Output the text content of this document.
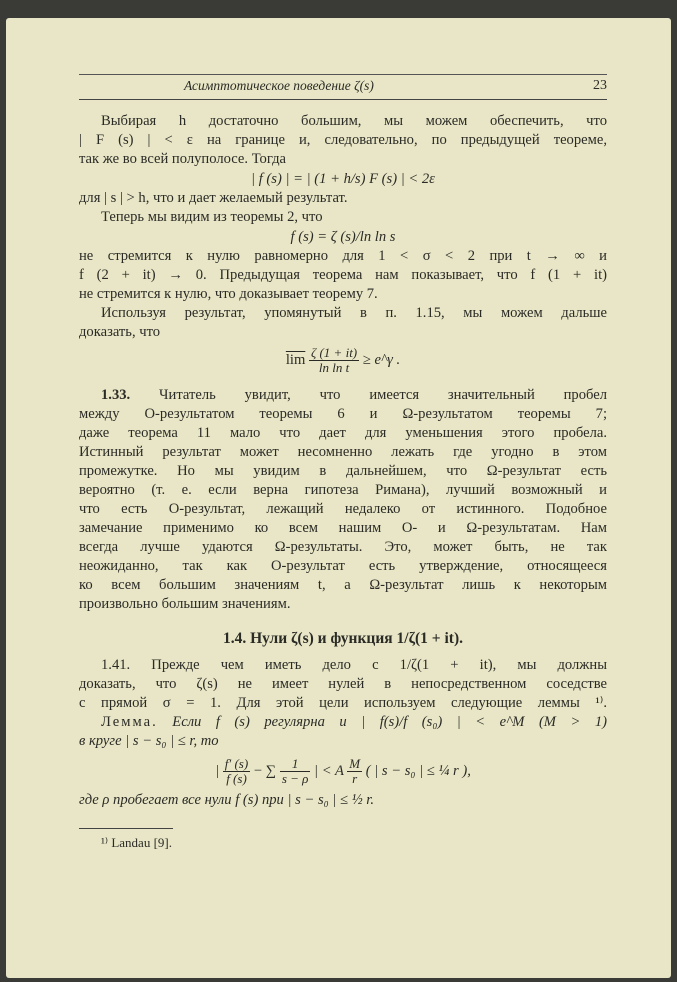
Асимптотическое поведение ζ(s)	23
Выбирая h достаточно большим, мы можем обеспечить, что
| F (s) | < ε на границе и, следовательно, по предыдущей теореме,
так же во всей полуполосе. Тогда
| f (s) | = | (1 + h/s) F (s) | < 2ε
для | s | > h, что и дает желаемый результат.
Теперь мы видим из теоремы 2, что
f (s) = ζ (s)/ln ln s
не стремится к нулю равномерно для 1 < σ < 2 при t → ∞ и
f (2 + it) → 0. Предыдущая теорема нам показывает, что f (1 + it)
не стремится к нулю, что доказывает теорему 7.
Используя результат, упомянутый в п. 1.15, мы можем дальше
доказать, что
$\overline{lim} \frac{\zeta (1 + it)}{\text{ln ln t}}$ ≥ e^γ .
1.33. Читатель увидит, что имеется значительный пробел
между O-результатом теоремы 6 и Ω-результатом теоремы 7;
даже теорема 11 мало что дает для уменьшения этого пробела.
Истинный результат может несомненно лежать где угодно в этом
промежутке. Но мы увидим в дальнейшем, что Ω-результат есть
вероятно (т. е. если верна гипотеза Римана), лучший возможный и
что есть O-результат, лежащий недалеко от истинного. Подобное
замечание применимо ко всем нашим O- и Ω-результатам. Нам
всегда лучше удаются Ω-результаты. Это, может быть, не так
неожиданно, так как O-результат есть утверждение, относящееся
ко всем большим значениям t, а Ω-результат лишь к некоторым
произвольно большим значениям.
1.4. Нули ζ(s) и функция 1/ζ(1 + it).
1.41. Прежде чем иметь дело с 1/ζ(1 + it), мы должны
доказать, что ζ(s) не имеет нулей в непосредственном соседстве
с прямой σ = 1. Для этой цели используем следующие леммы ¹⁾.
Лемма. Если f (s) регулярна и | f(s)/f (s₀) | < e^M (M > 1)
в круге | s − s₀ | ≤ r, то
| $\frac{f' (s)}{f (s)}$ − ∑ $\frac{1}{s - \rho}$ | < A $\frac{M}{r}$ ( | s − s₀ | ≤ ¼ r ),
где ρ пробегает все нули f (s) при | s − s₀ | ≤ ½ r.
¹⁾ Landau [9].
